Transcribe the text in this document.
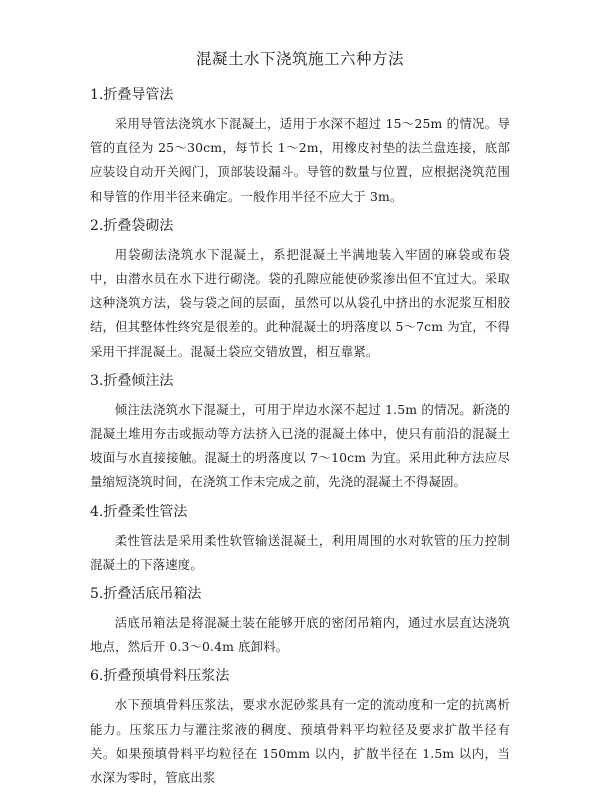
混凝土水下浇筑施工六种方法
1.折叠导管法

采用导管法浇筑水下混凝土，适用于水深不超过 15～25m 的情况。导管的直径为 25～30cm，每节长 1～2m，用橡皮衬垫的法兰盘连接，底部应装设自动开关阀门，顶部装设漏斗。导管的数量与位置，应根据浇筑范围和导管的作用半径来确定。一般作用半径不应大于 3m。

2.折叠袋砌法

用袋砌法浇筑水下混凝土，系把混凝土半满地装入牢固的麻袋或布袋中，由潜水员在水下进行砌浇。袋的孔隙应能使砂浆渗出但不宜过大。采取这种浇筑方法，袋与袋之间的层面，虽然可以从袋孔中挤出的水泥浆互相胶结，但其整体性终究是很差的。此种混凝土的坍落度以 5～7cm 为宜，不得采用干拌混凝土。混凝土袋应交错放置，相互靠紧。

3.折叠倾注法

倾注法浇筑水下混凝土，可用于岸边水深不起过 1.5m 的情况。新浇的混凝土堆用夯击或振动等方法挤入已浇的混凝土体中，使只有前沿的混凝土坡面与水直接接触。混凝土的坍落度以 7～10cm 为宜。采用此种方法应尽量缩短浇筑时间，在浇筑工作未完成之前，先浇的混凝土不得凝固。

4.折叠柔性管法

柔性管法是采用柔性软管输送混凝土，利用周围的水对软管的压力控制混凝土的下落速度。

5.折叠活底吊箱法

活底吊箱法是将混凝土装在能够开底的密闭吊箱内，通过水层直达浇筑地点，然后开 0.3～0.4m 底卸料。

6.折叠预填骨料压浆法

水下预填骨料压浆法，要求水泥砂浆具有一定的流动度和一定的抗离析能力。压浆压力与灌注浆液的稠度、预填骨料平均粒径及要求扩散半径有关。如果预填骨料平均粒径在 150mm 以内，扩散半径在 1.5m 以内，当水深为零时，管底出浆
